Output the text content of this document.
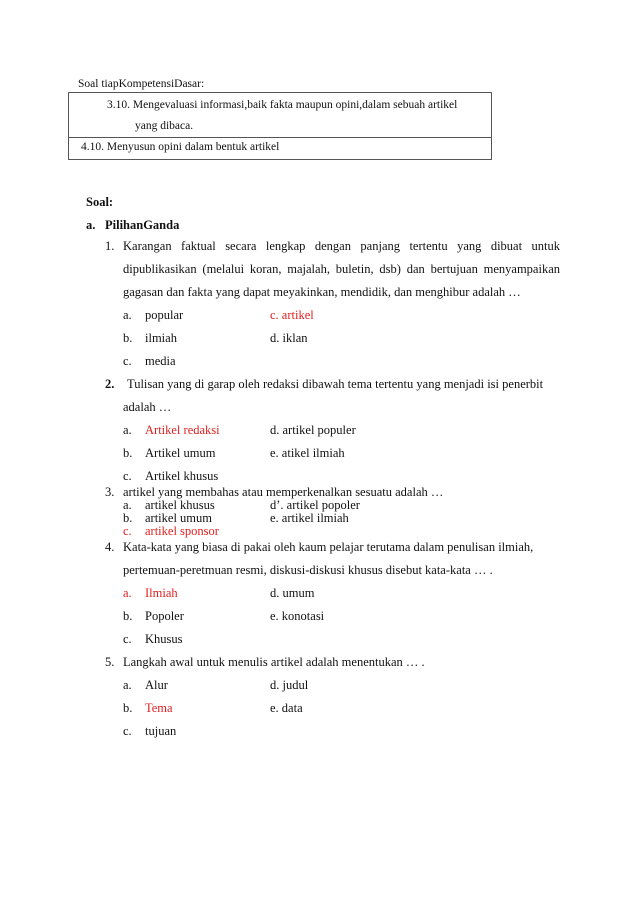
Soal tiapKompetensiDasar:
3.10. Mengevaluasi informasi,baik fakta maupun opini,dalam sebuah artikel
yang dibaca.
4.10. Menyusun opini dalam bentuk artikel
Soal:
a. PilihanGanda
1. Karangan faktual secara lengkap dengan panjang tertentu yang dibuat untuk
dipublikasikan (melalui koran, majalah, buletin, dsb) dan bertujuan menyampaikan
gagasan dan fakta yang dapat meyakinkan, mendidik, dan menghibur adalah …
a. popular	c. artikel
b. ilmiah	d. iklan
c. media
2. Tulisan yang di garap oleh redaksi dibawah tema tertentu yang menjadi isi penerbit
adalah …
a. Artikel redaksi	d. artikel populer
b. Artikel umum	e. atikel ilmiah
c. Artikel khusus
3. artikel yang membahas atau memperkenalkan sesuatu adalah …
a. artikel khusus	d’. artikel popoler
b. artikel umum	e. artikel ilmiah
c. artikel sponsor
4. Kata-kata yang biasa di pakai oleh kaum pelajar terutama dalam penulisan ilmiah,
pertemuan-peretmuan resmi, diskusi-diskusi khusus disebut kata-kata … .
a. Ilmiah	d. umum
b. Popoler	e. konotasi
c. Khusus
5. Langkah awal untuk menulis artikel adalah menentukan … .
a. Alur	d. judul
b. Tema	e. data
c. tujuan
